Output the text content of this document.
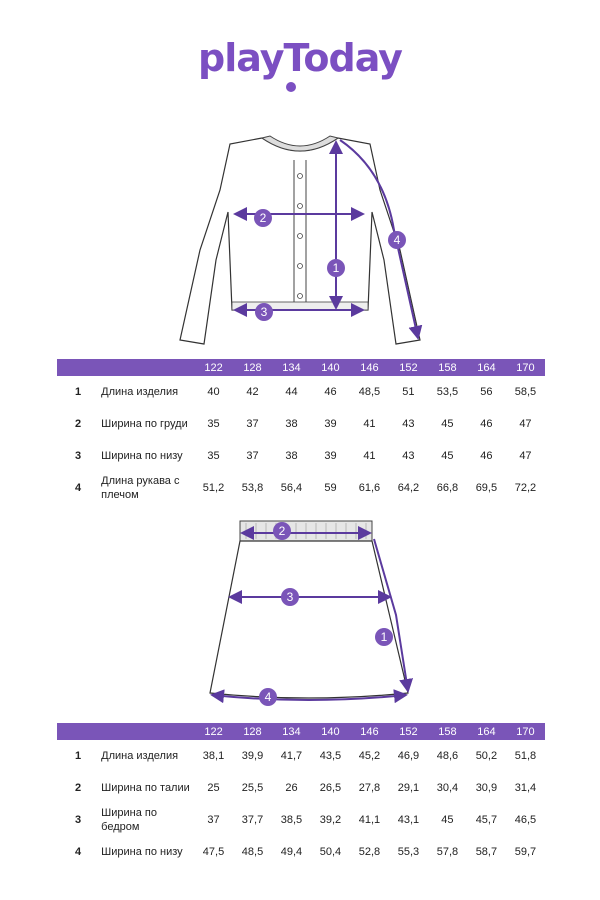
playToday
2
1
3
4
		122	128	134	140	146	152	158	164	170
1	Длина изделия	40	42	44	46	48,5	51	53,5	56	58,5
2	Ширина по груди	35	37	38	39	41	43	45	46	47
3	Ширина по низу	35	37	38	39	41	43	45	46	47
4	Длина рукава с плечом	51,2	53,8	56,4	59	61,6	64,2	66,8	69,5	72,2
2
3
1
4
		122	128	134	140	146	152	158	164	170
1	Длина изделия	38,1	39,9	41,7	43,5	45,2	46,9	48,6	50,2	51,8
2	Ширина по талии	25	25,5	26	26,5	27,8	29,1	30,4	30,9	31,4
3	Ширина по бедром	37	37,7	38,5	39,2	41,1	43,1	45	45,7	46,5
4	Ширина по низу	47,5	48,5	49,4	50,4	52,8	55,3	57,8	58,7	59,7
